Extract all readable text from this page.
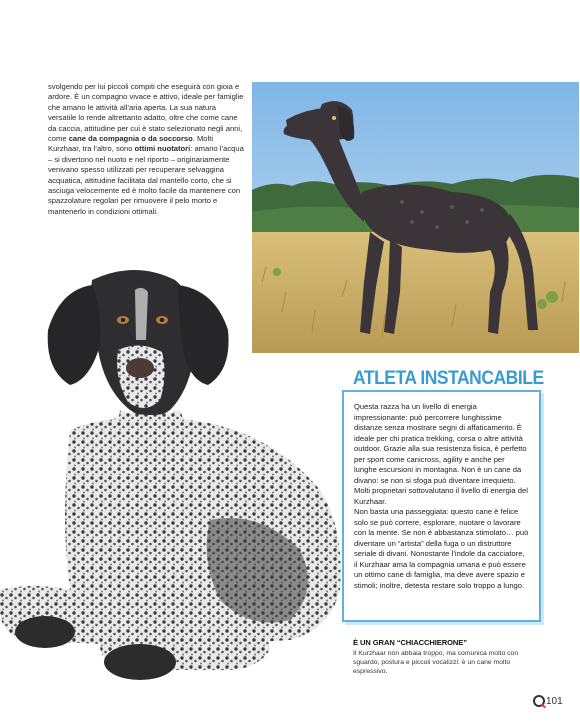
svolgendo per lui piccoli compiti che eseguirà con gioia e ardore. È un compagno vivace e attivo, ideale per famiglie che amano le attività all’aria aperta. La sua natura versatile lo rende altrettanto adatto, oltre che come cane da caccia, attitudine per cui è stato selezionato negli anni, come cane da compagnia o da soccorso. Molti Kurzhaar, tra l’altro, sono ottimi nuotatori: amano l’acqua – si divertono nel nuoto e nel riporto – originariamente venivano spesso utilizzati per recuperare selvaggina acquatica, attitudine facilitata dal mantello corto, che si asciuga velocemente ed è molto facile da mantenere con spazzolature regolari per rimuovere il pelo morto e mantenerlo in condizioni ottimali.
ATLETA INSTANCABILE

Questa razza ha un livello di energia impressionante: può percorrere lunghissime distanze senza mostrare segni di affaticamento. È ideale per chi pratica trekking, corsa o altre attività outdoor. Grazie alla sua resistenza fisica, è perfetto per sport come canicross, agility e anche per lunghe escursioni in montagna. Non è un cane da divano: se non si sfoga può diventare irrequieto. Molti proprietari sottovalutano il livello di energia del Kurzhaar.

Non basta una passeggiata: questo cane è felice solo se può correre, esplorare, nuotare o lavorare con la mente. Se non è abbastanza stimolato… può diventare un “artista” della fuga o un distruttore seriale di divani. Nonostante l’indole da cacciatore, il Kurzhaar ama la compagnia umana e può essere un ottimo cane di famiglia, ma deve avere spazio e stimoli; inoltre, detesta restare solo troppo a lungo.

È UN GRAN “CHIACCHIERONE”
Il Kurzhaar non abbaia troppo, ma comunica molto con sguardo, postura e piccoli vocalizzi: è un cane molto espressivo.
101
